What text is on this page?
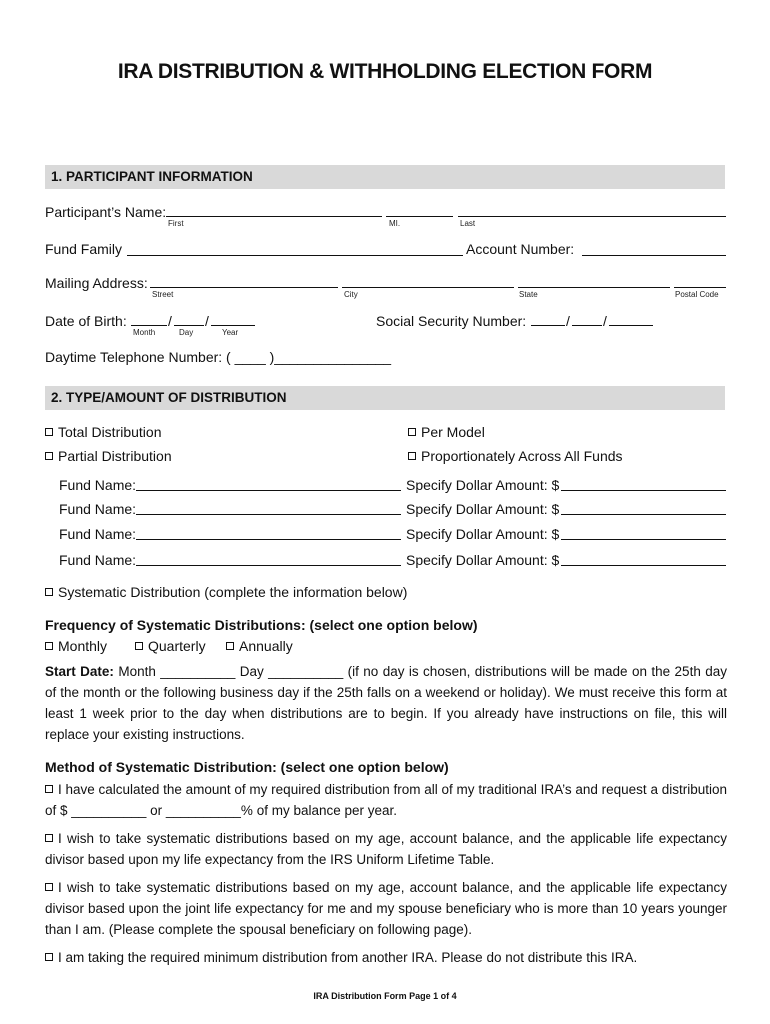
IRA DISTRIBUTION & WITHHOLDING ELECTION FORM
1. PARTICIPANT INFORMATION
Participant’s Name:
First	MI.	Last
Fund Family	Account Number:
Mailing Address:
Street	City	State	Postal Code
Date of Birth:	/ /
Month	Day	Year
Social Security Number:	/ /
Daytime Telephone Number: ( ____ )_______________
2. TYPE/AMOUNT OF DISTRIBUTION
Total Distribution	Per Model
Partial Distribution	Proportionately Across All Funds
Fund Name:	Specify Dollar Amount: $
Fund Name:	Specify Dollar Amount: $
Fund Name:	Specify Dollar Amount: $
Fund Name:	Specify Dollar Amount: $
Systematic Distribution (complete the information below)
Frequency of Systematic Distributions: (select one option below)
Monthly	Quarterly	Annually
Start Date: Month __________ Day __________ (if no day is chosen, distributions will be made on the 25th day of the month or the following business day if the 25th falls on a weekend or holiday). We must receive this form at least 1 week prior to the day when distributions are to begin. If you already have instructions on file, this will replace your existing instructions.
Method of Systematic Distribution: (select one option below)
I have calculated the amount of my required distribution from all of my traditional IRA’s and request a distribution of $ __________ or __________% of my balance per year.
I wish to take systematic distributions based on my age, account balance, and the applicable life expectancy divisor based upon my life expectancy from the IRS Uniform Lifetime Table.
I wish to take systematic distributions based on my age, account balance, and the applicable life expectancy divisor based upon the joint life expectancy for me and my spouse beneficiary who is more than 10 years younger than I am. (Please complete the spousal beneficiary on following page).
I am taking the required minimum distribution from another IRA. Please do not distribute this IRA.
IRA Distribution Form Page 1 of 4
